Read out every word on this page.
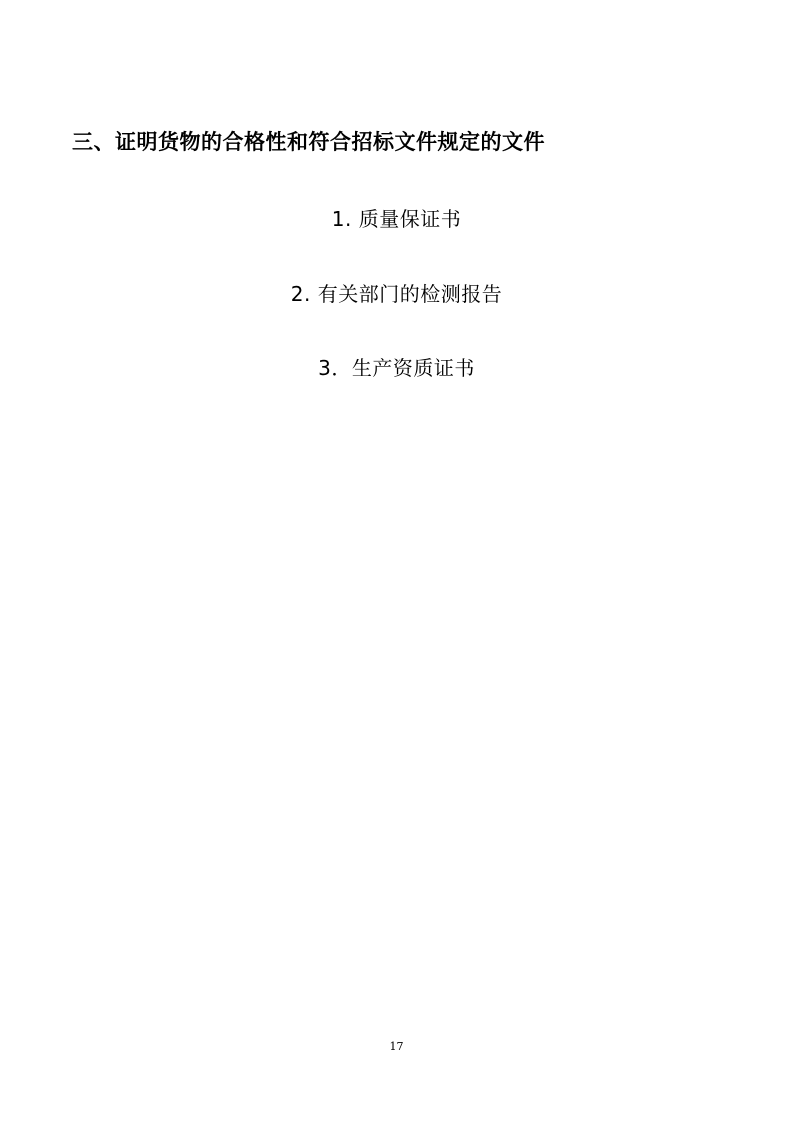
三、证明货物的合格性和符合招标文件规定的文件
1. 质量保证书
2. 有关部门的检测报告
3．生产资质证书
17
